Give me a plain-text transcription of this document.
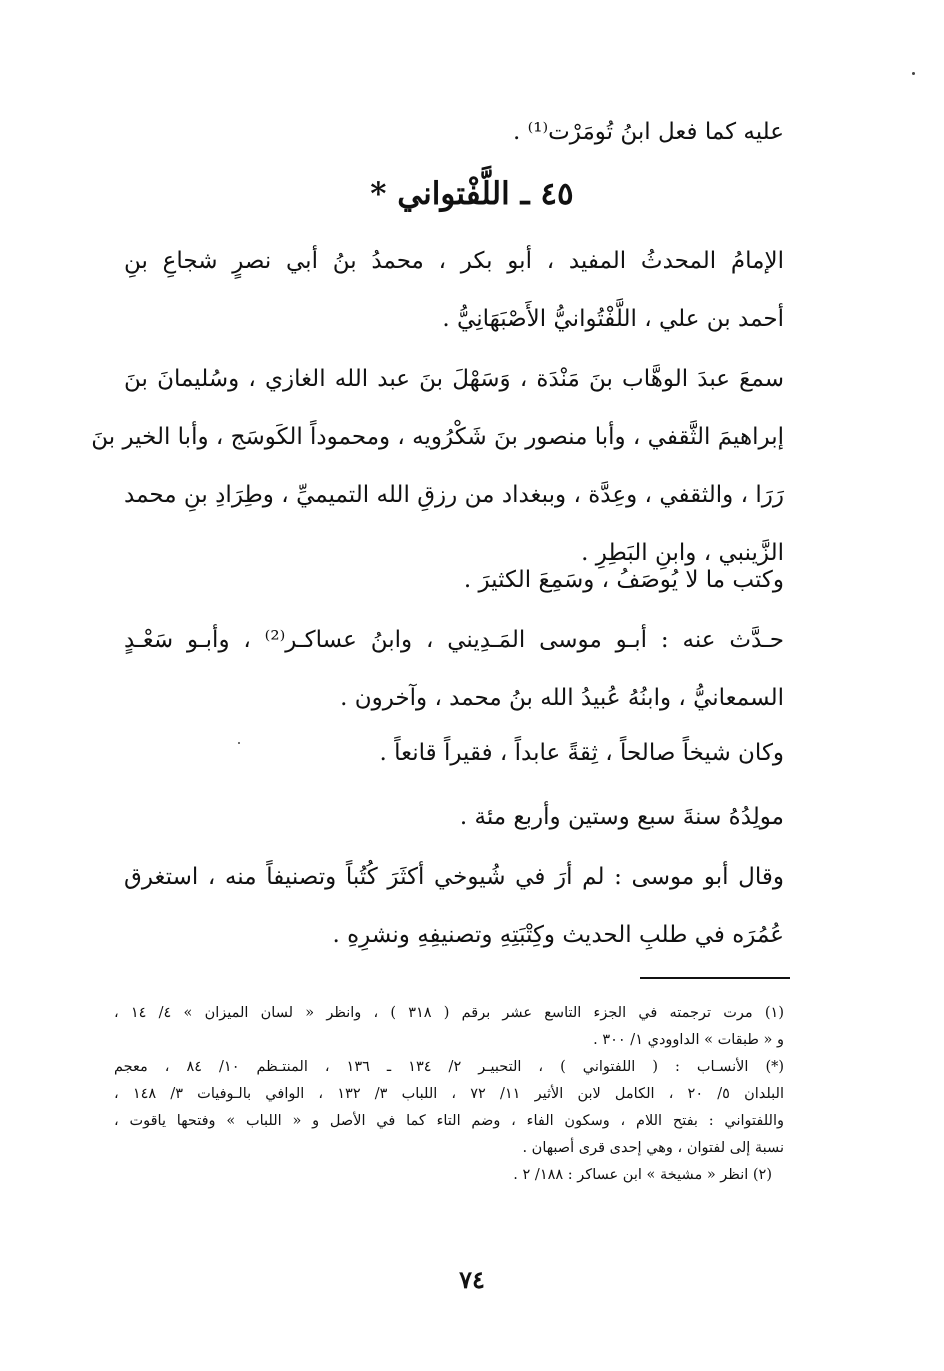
عليه كما فعل ابنُ تُومَرْت⁽¹⁾ .

٤٥ ـ اللَّفْتواني *

الإمامُ المحدثُ المفيد ، أبو بكر ، محمدُ بنُ أبي نصرٍ شجاعِ بنِ

أحمد بن علي ، اللَّفْتُوانيُّ الأَصْبَهَانِيُّ .

سمعَ عبدَ الوهَّاب بنَ مَنْدَة ، وَسَهْلَ بنَ عبد الله الغازي ، وسُليمانَ بنَ

إبراهيمَ الثَّقفي ، وأبا منصور بنَ شَكْرُويه ، ومحموداً الكَوسَج ، وأبا الخير بنَ

رَرَا ، والثقفي ، وعِدَّة ، وببغداد من رزقِ الله التميميِّ ، وطِرَادِ بنِ محمد

الزَّينبي ، وابنِ البَطِرِ .

وكتب ما لا يُوصَفُ ، وسَمِعَ الكثيرَ .

حـدَّث عنه : أبـو موسى المَـدِيني ، وابنُ عساكـر⁽²⁾ ، وأبـو سَعْـدٍ

السمعانيُّ ، وابنُهُ عُبيدُ الله بنُ محمد ، وآخرون .

وكان شيخاً صالحاً ، ثِقةً عابداً ، فقيراً قانعاً .

مولِدُهُ سنةَ سبع وستين وأربع مئة .

وقال أبو موسى : لم أرَ في شُيوخي أكثَرَ كُتُباً وتصنيفاً منه ، استغرق

عُمُرَه في طلبِ الحديث وكِتْبَتِهِ وتصنيفِهِ ونشرِهِ .

(١) مرت ترجمته في الجزء التاسع عشر برقم ( ٣١٨ ) ، وانظر « لسان الميزان » ٤/ ١٤ ،

و « طبقات » الداوودي ١/ ٣٠٠ .

(*) الأنسـاب : ( اللفتواني ) ، التحبيـر ٢/ ١٣٤ ـ ١٣٦ ، المنتـظم ١٠/ ٨٤ ، معجم

البلدان ٥/ ٢٠ ، الكامل لابن الأثير ١١/ ٧٢ ، اللباب ٣/ ١٣٢ ، الوافي بالـوفيات ٣/ ١٤٨ ،

واللفتواني : بفتح اللام ، وسكون الفاء ، وضم التاء كما في الأصل و « اللباب » وفتحها ياقوت ،

نسبة إلى لفتوان ، وهي إحدى قرى أصبهان .

(٢) انظر « مشيخة » ابن عساكر : ١٨٨/ ٢ .

٧٤
